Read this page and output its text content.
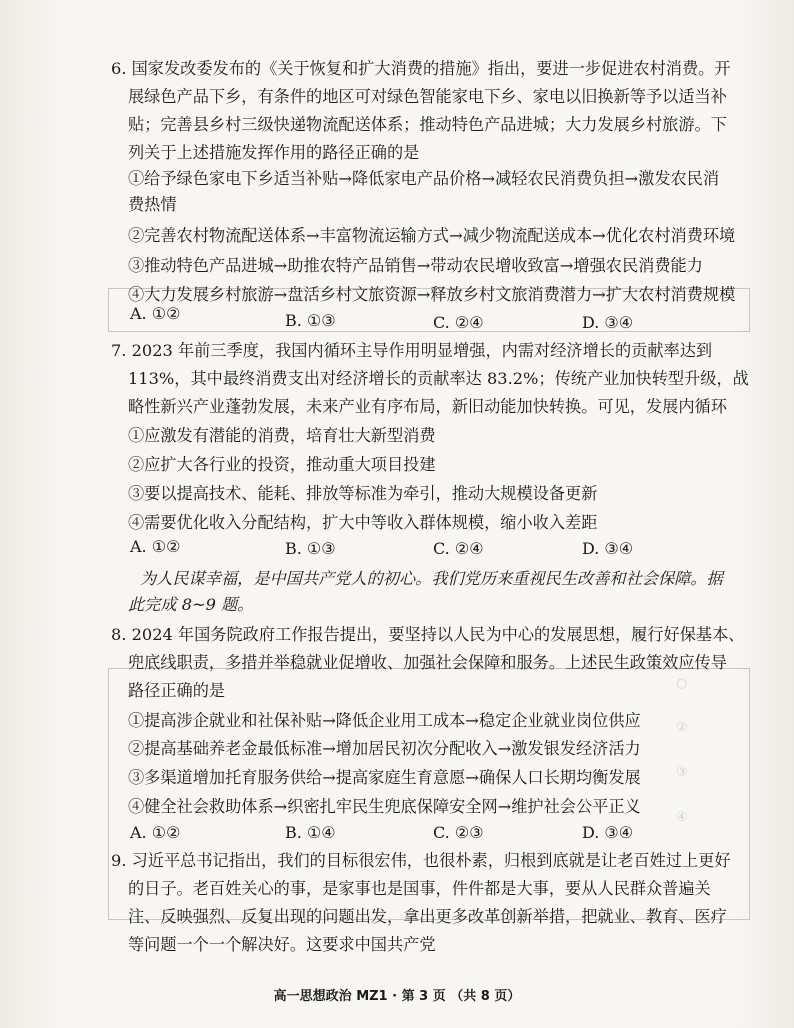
○
②
③
④
6. 国家发改委发布的《关于恢复和扩大消费的措施》指出，要进一步促进农村消费。开
展绿色产品下乡，有条件的地区可对绿色智能家电下乡、家电以旧换新等予以适当补
贴；完善县乡村三级快递物流配送体系；推动特色产品进城；大力发展乡村旅游。下
列关于上述措施发挥作用的路径正确的是
①给予绿色家电下乡适当补贴→降低家电产品价格→减轻农民消费负担→激发农民消
费热情
②完善农村物流配送体系→丰富物流运输方式→减少物流配送成本→优化农村消费环境
③推动特色产品进城→助推农特产品销售→带动农民增收致富→增强农民消费能力
④大力发展乡村旅游→盘活乡村文旅资源→释放乡村文旅消费潜力→扩大农村消费规模
A. ①②	B. ①③	C. ②④	D. ③④
7. 2023 年前三季度，我国内循环主导作用明显增强，内需对经济增长的贡献率达到
113%，其中最终消费支出对经济增长的贡献率达 83.2%；传统产业加快转型升级，战
略性新兴产业蓬勃发展，未来产业有序布局，新旧动能加快转换。可见，发展内循环
①应激发有潜能的消费，培育壮大新型消费
②应扩大各行业的投资，推动重大项目投建
③要以提高技术、能耗、排放等标准为牵引，推动大规模设备更新
④需要优化收入分配结构，扩大中等收入群体规模，缩小收入差距
A. ①②	B. ①③	C. ②④	D. ③④
为人民谋幸福，是中国共产党人的初心。我们党历来重视民生改善和社会保障。据
此完成 8~9 题。
8. 2024 年国务院政府工作报告提出，要坚持以人民为中心的发展思想，履行好保基本、
兜底线职责，多措并举稳就业促增收、加强社会保障和服务。上述民生政策效应传导
路径正确的是
①提高涉企就业和社保补贴→降低企业用工成本→稳定企业就业岗位供应
②提高基础养老金最低标准→增加居民初次分配收入→激发银发经济活力
③多渠道增加托育服务供给→提高家庭生育意愿→确保人口长期均衡发展
④健全社会救助体系→织密扎牢民生兜底保障安全网→维护社会公平正义
A. ①②	B. ①④	C. ②③	D. ③④
9. 习近平总书记指出，我们的目标很宏伟，也很朴素，归根到底就是让老百姓过上更好
的日子。老百姓关心的事，是家事也是国事，件件都是大事，要从人民群众普遍关
注、反映强烈、反复出现的问题出发，拿出更多改革创新举措，把就业、教育、医疗
等问题一个一个解决好。这要求中国共产党
高一思想政治 MZ1 · 第 3 页 （共 8 页）
